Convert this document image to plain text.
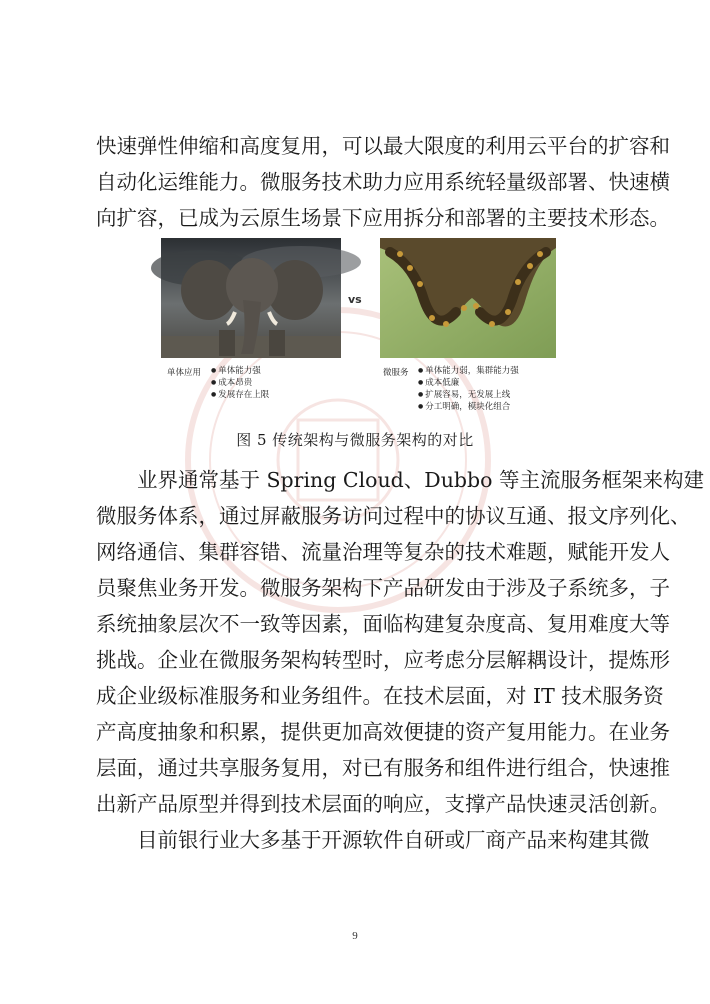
快速弹性伸缩和高度复用，可以最大限度的利用云平台的扩容和
自动化运维能力。微服务技术助力应用系统轻量级部署、快速横
向扩容，已成为云原生场景下应用拆分和部署的主要技术形态。
vs
单体应用	● 单体能力强
● 成本昂贵
● 发展存在上限
微服务	● 单体能力弱，集群能力强
● 成本低廉
● 扩展容易，无发展上线
● 分工明确，模块化组合
图 5 传统架构与微服务架构的对比
业界通常基于 Spring Cloud、Dubbo 等主流服务框架来构建
微服务体系，通过屏蔽服务访问过程中的协议互通、报文序列化、
网络通信、集群容错、流量治理等复杂的技术难题，赋能开发人
员聚焦业务开发。微服务架构下产品研发由于涉及子系统多，子
系统抽象层次不一致等因素，面临构建复杂度高、复用难度大等
挑战。企业在微服务架构转型时，应考虑分层解耦设计，提炼形
成企业级标准服务和业务组件。在技术层面，对 IT 技术服务资
产高度抽象和积累，提供更加高效便捷的资产复用能力。在业务
层面，通过共享服务复用，对已有服务和组件进行组合，快速推
出新产品原型并得到技术层面的响应，支撑产品快速灵活创新。
目前银行业大多基于开源软件自研或厂商产品来构建其微
9
